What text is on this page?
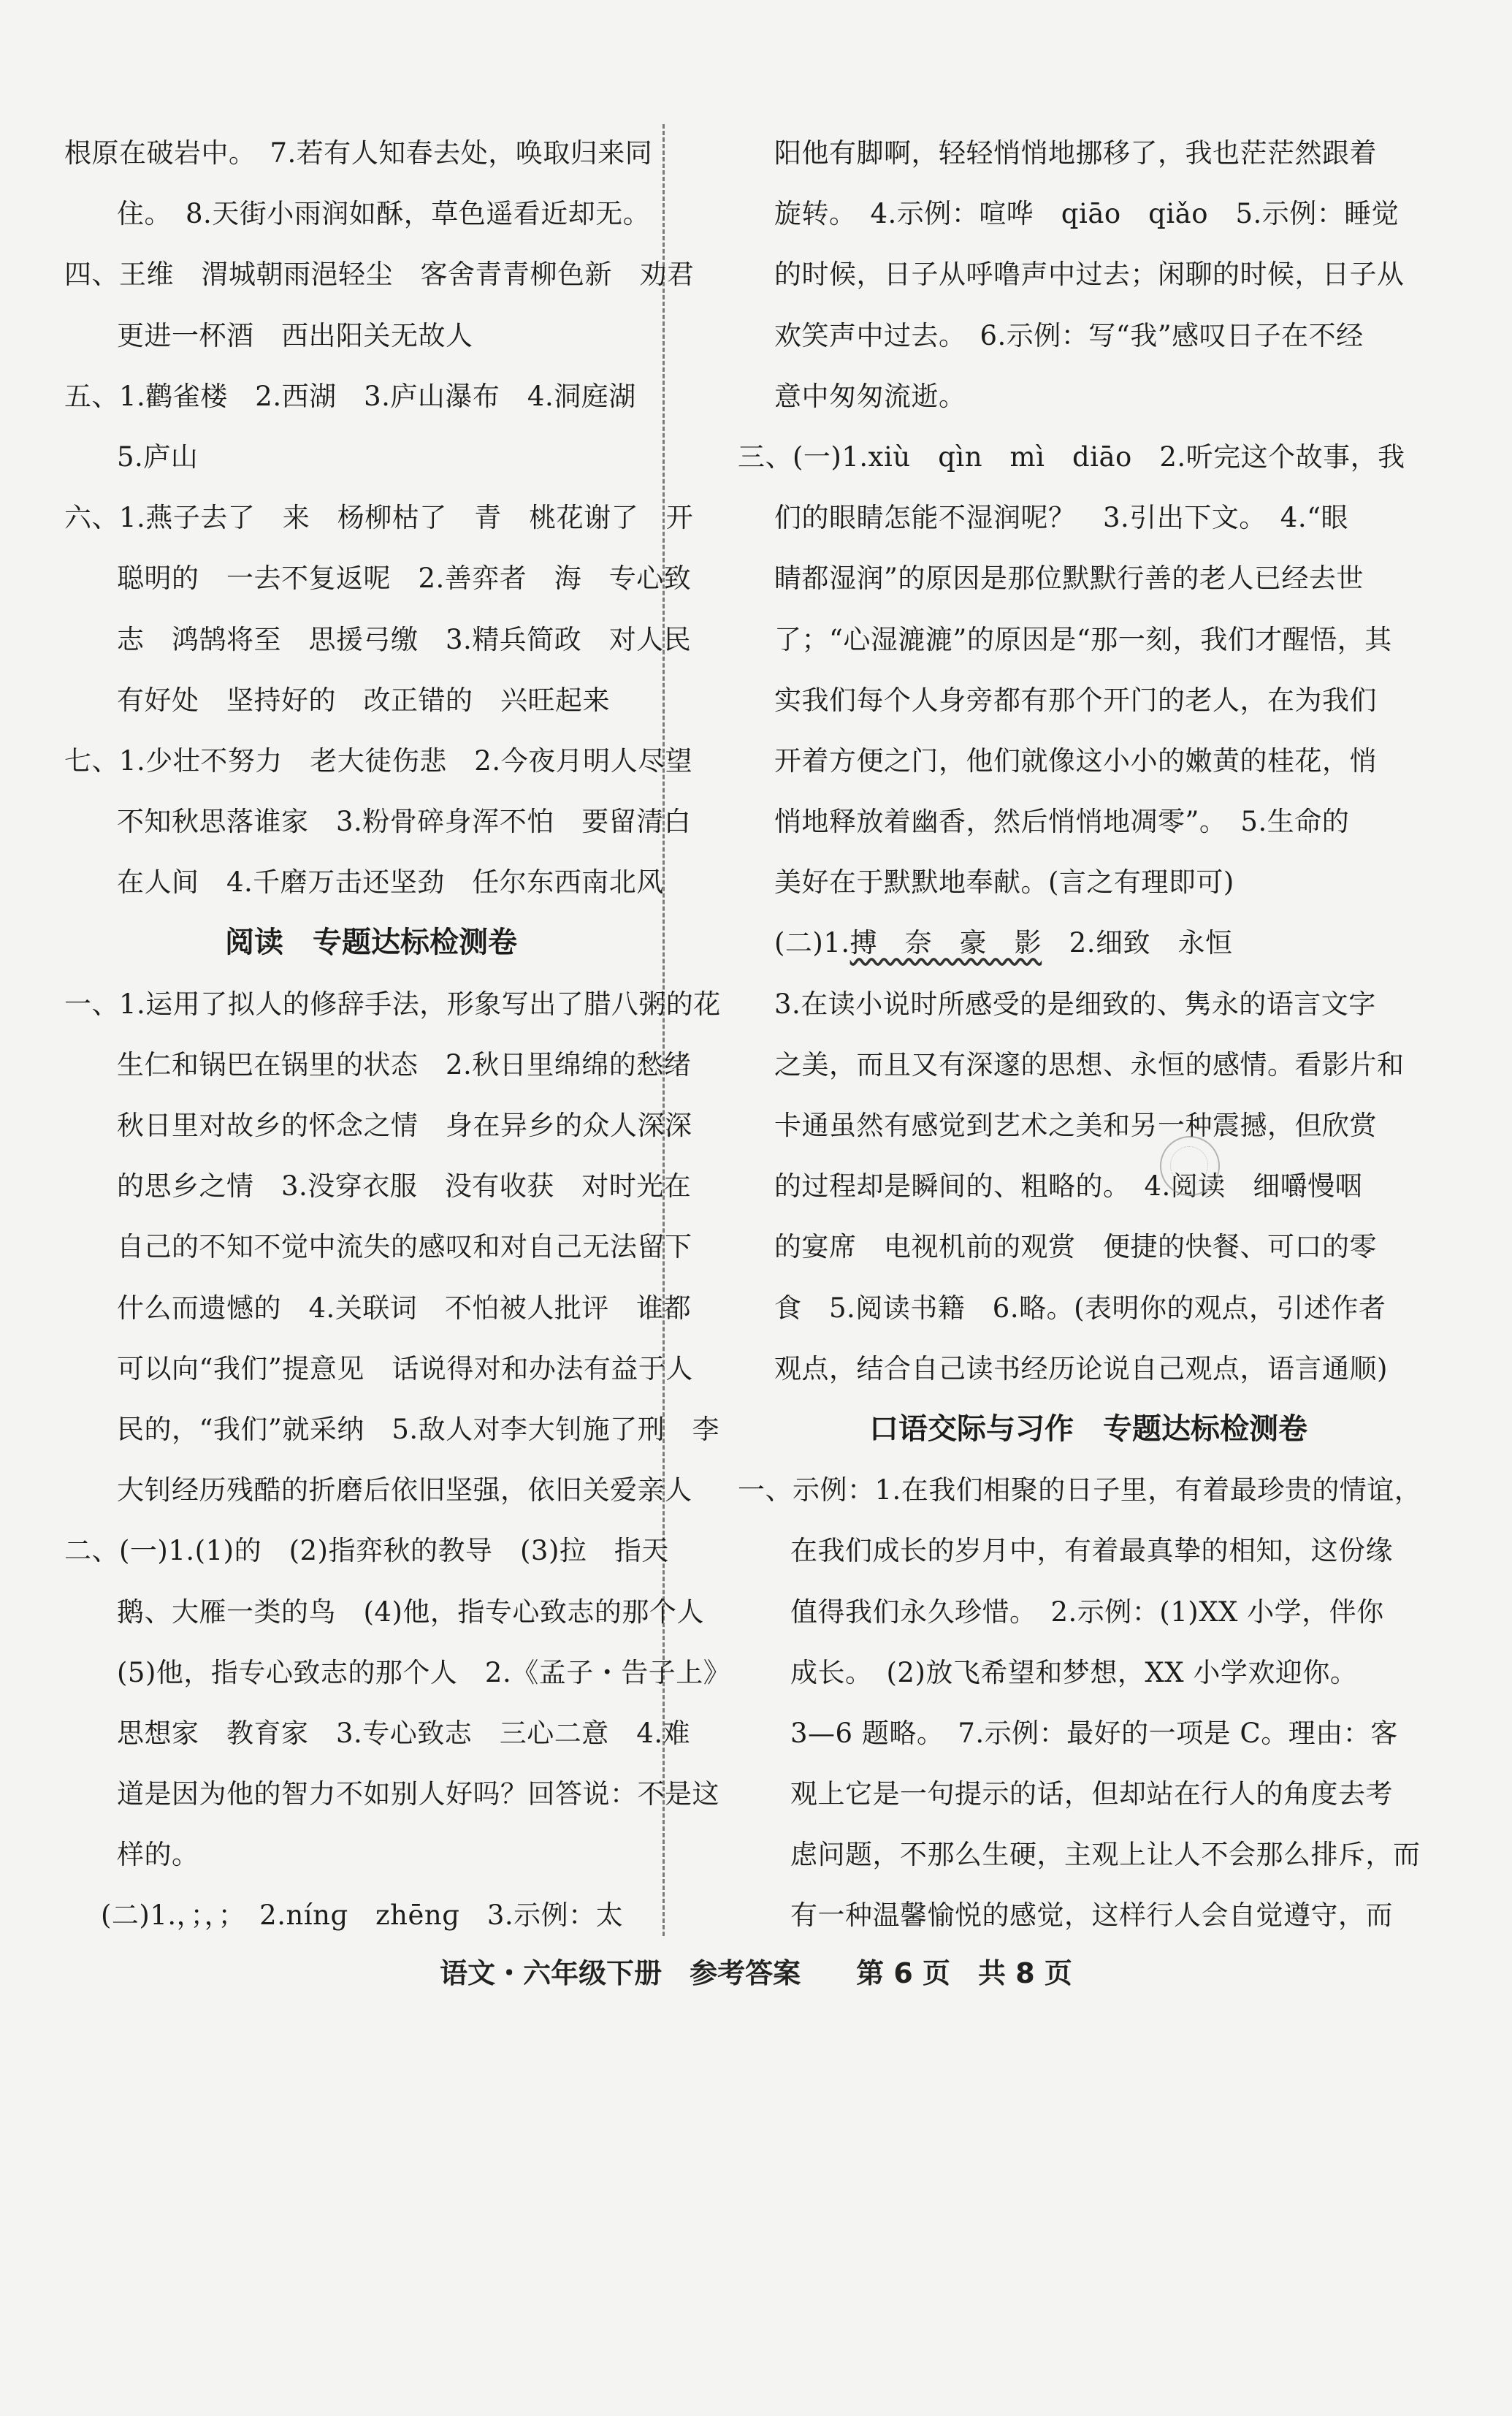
根原在破岩中。　7.若有人知春去处，唤取归来同
住。　8.天街小雨润如酥，草色遥看近却无。
四、王维　渭城朝雨浥轻尘　客舍青青柳色新　劝君
更进一杯酒　西出阳关无故人
五、1.鹳雀楼　2.西湖　3.庐山瀑布　4.洞庭湖
5.庐山
六、1.燕子去了　来　杨柳枯了　青　桃花谢了　开
聪明的　一去不复返呢　2.善弈者　海　专心致
志　鸿鹄将至　思援弓缴　3.精兵简政　对人民
有好处　坚持好的　改正错的　兴旺起来
七、1.少壮不努力　老大徒伤悲　2.今夜月明人尽望
不知秋思落谁家　3.粉骨碎身浑不怕　要留清白
在人间　4.千磨万击还坚劲　任尔东西南北风
阅读　专题达标检测卷
一、1.运用了拟人的修辞手法，形象写出了腊八粥的花
生仁和锅巴在锅里的状态　2.秋日里绵绵的愁绪
秋日里对故乡的怀念之情　身在异乡的众人深深
的思乡之情　3.没穿衣服　没有收获　对时光在
自己的不知不觉中流失的感叹和对自己无法留下
什么而遗憾的　4.关联词　不怕被人批评　谁都
可以向“我们”提意见　话说得对和办法有益于人
民的，“我们”就采纳　5.敌人对李大钊施了刑　李
大钊经历残酷的折磨后依旧坚强，依旧关爱亲人
二、(一)1.(1)的　(2)指弈秋的教导　(3)拉　指天
鹅、大雁一类的鸟　(4)他，指专心致志的那个人
(5)他，指专心致志的那个人　2.《孟子・告子上》
思想家　教育家　3.专心致志　三心二意　4.难
道是因为他的智力不如别人好吗？回答说：不是这
样的。
(二)1.，；，；　2.nínɡ　zhēnɡ　3.示例：太
阳他有脚啊，轻轻悄悄地挪移了，我也茫茫然跟着
旋转。　4.示例：喧哗　qiāo　qiǎo　5.示例：睡觉
的时候，日子从呼噜声中过去；闲聊的时候，日子从
欢笑声中过去。　6.示例：写“我”感叹日子在不经
意中匆匆流逝。
三、(一)1.xiù　qìn　mì　diāo　2.听完这个故事，我
们的眼睛怎能不湿润呢？　3.引出下文。　4.“眼
睛都湿润”的原因是那位默默行善的老人已经去世
了；“心湿漉漉”的原因是“那一刻，我们才醒悟，其
实我们每个人身旁都有那个开门的老人，在为我们
开着方便之门，他们就像这小小的嫩黄的桂花，悄
悄地释放着幽香，然后悄悄地凋零”。　5.生命的
美好在于默默地奉献。(言之有理即可)
(二)1.搏　奈　豪　影　2.细致　永恒
3.在读小说时所感受的是细致的、隽永的语言文字
之美，而且又有深邃的思想、永恒的感情。看影片和
卡通虽然有感觉到艺术之美和另一种震撼，但欣赏
的过程却是瞬间的、粗略的。　4.阅读　细嚼慢咽
的宴席　电视机前的观赏　便捷的快餐、可口的零
食　5.阅读书籍　6.略。(表明你的观点，引述作者
观点，结合自己读书经历论说自己观点，语言通顺)
口语交际与习作　专题达标检测卷
一、示例：1.在我们相聚的日子里，有着最珍贵的情谊，
在我们成长的岁月中，有着最真挚的相知，这份缘
值得我们永久珍惜。　2.示例：(1)XX 小学，伴你
成长。　(2)放飞希望和梦想，XX 小学欢迎你。
3—6 题略。　7.示例：最好的一项是 C。理由：客
观上它是一句提示的话，但却站在行人的角度去考
虑问题，不那么生硬，主观上让人不会那么排斥，而
有一种温馨愉悦的感觉，这样行人会自觉遵守，而
语文・六年级下册　参考答案　　第 6 页　共 8 页
